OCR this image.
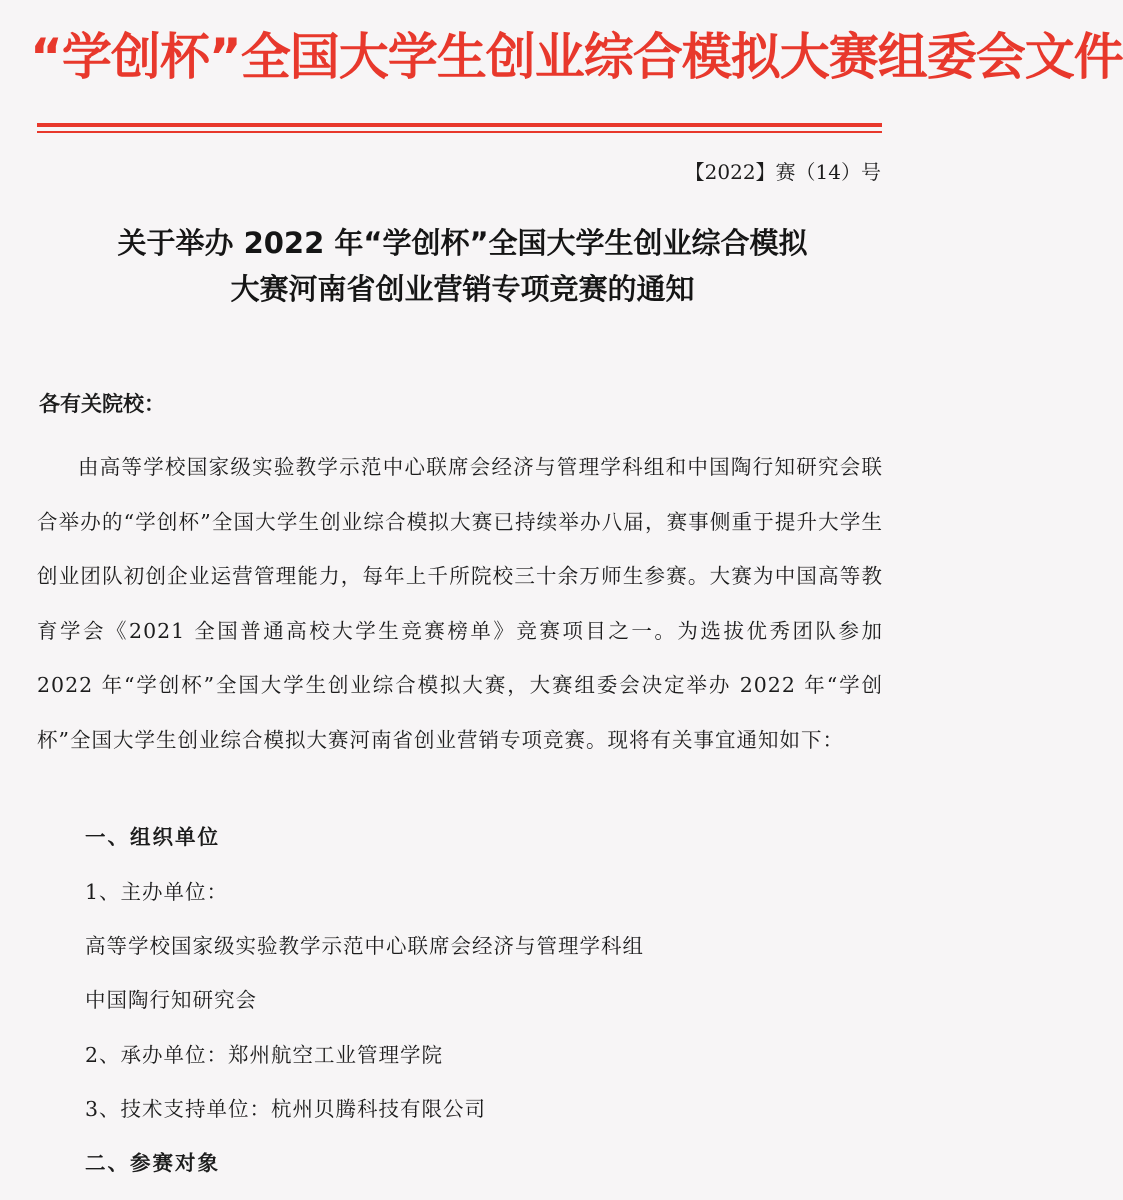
“学创杯”全国大学生创业综合模拟大赛组委会文件
【2022】赛（14）号
关于举办 2022 年“学创杯”全国大学生创业综合模拟
大赛河南省创业营销专项竞赛的通知
各有关院校：
由高等学校国家级实验教学示范中心联席会经济与管理学科组和中国陶行知研究会联合举办的“学创杯”全国大学生创业综合模拟大赛已持续举办八届，赛事侧重于提升大学生创业团队初创企业运营管理能力，每年上千所院校三十余万师生参赛。大赛为中国高等教育学会《2021 全国普通高校大学生竞赛榜单》竞赛项目之一。为选拔优秀团队参加 2022 年“学创杯”全国大学生创业综合模拟大赛，大赛组委会决定举办 2022 年“学创杯”全国大学生创业综合模拟大赛河南省创业营销专项竞赛。现将有关事宜通知如下：
一、组织单位
1、主办单位：
高等学校国家级实验教学示范中心联席会经济与管理学科组
中国陶行知研究会
2、承办单位：郑州航空工业管理学院
3、技术支持单位：杭州贝腾科技有限公司
二、参赛对象
